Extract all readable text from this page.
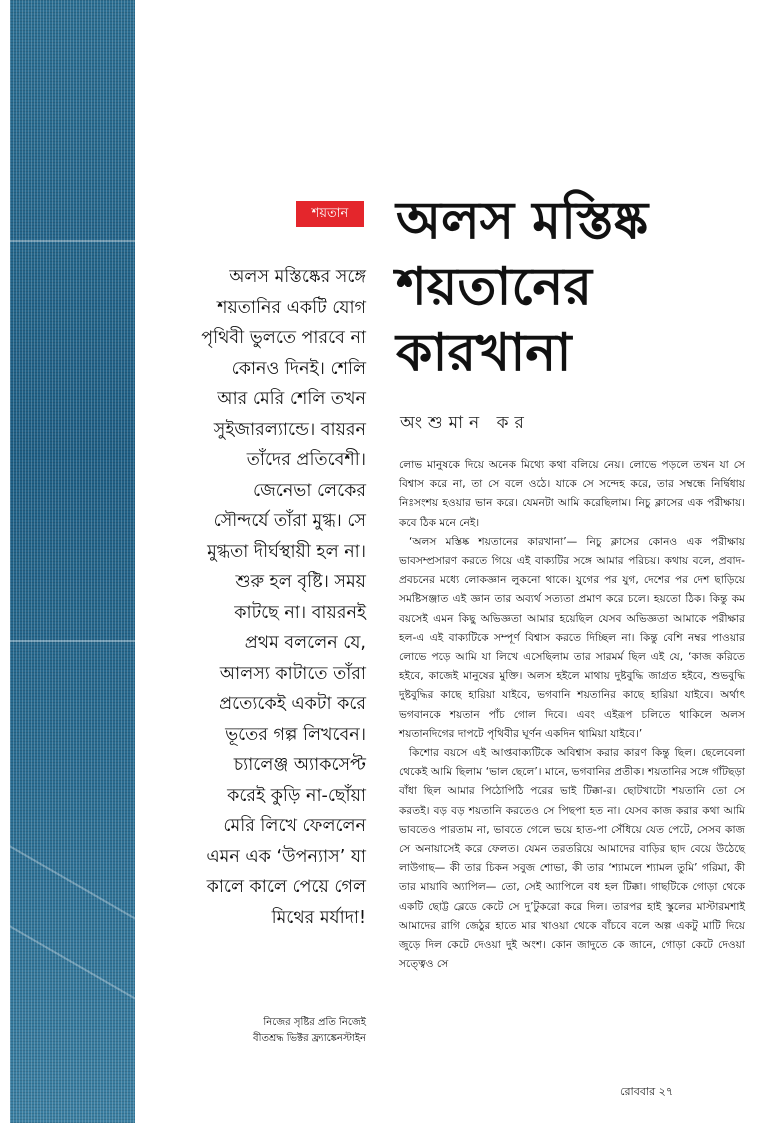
শয়তান অলস মস্তিষ্ক
শয়তানের
কারখানা
অংশুমান কর
অলস মস্তিষ্কের সঙ্গে
শয়তানির একটি যোগ
পৃথিবী ভুলতে পারবে না
কোনও দিনই। শেলি
আর মেরি শেলি তখন
সুইজারল্যান্ডে। বায়রন
তাঁদের প্রতিবেশী।
জেনেভা লেকের
সৌন্দর্যে তাঁরা মুগ্ধ। সে
মুগ্ধতা দীর্ঘস্থায়ী হল না।
শুরু হল বৃষ্টি। সময়
কাটছে না। বায়রনই
প্রথম বললেন যে,
আলস্য কাটাতে তাঁরা
প্রত্যেকেই একটা করে
ভূতের গল্প লিখবেন।
চ্যালেঞ্জ অ্যাকসেপ্ট
করেই কুড়ি না-ছোঁয়া
মেরি লিখে ফেললেন
এমন এক ‘উপন্যাস’ যা
কালে কালে পেয়ে গেল
মিথের মর্যাদা!
নিজের সৃষ্টির প্রতি নিজেই
বীতশ্রদ্ধ ভিক্টর ফ্র্যাঙ্কেনস্টাইন

লোভ মানুষকে দিয়ে অনেক মিথ্যে কথা বলিয়ে নেয়। লোভে পড়লে তখন যা সে বিশ্বাস করে না, তা সে বলে ওঠে। যাকে সে সন্দেহ করে, তার সম্বন্ধে নির্দ্বিধায় নিঃসংশয় হওয়ার ভান করে। যেমনটা আমি করেছিলাম। নিচু ক্লাসের এক পরীক্ষায়। কবে ঠিক মনে নেই।

‘অলস মস্তিষ্ক শয়তানের কারখানা’— নিচু ক্লাসের কোনও এক পরীক্ষায় ভাবসম্প্রসারণ করতে গিয়ে এই বাক্যটির সঙ্গে আমার পরিচয়। কথায় বলে, প্রবাদ-প্রবচনের মধ্যে লোকজ্ঞান লুকনো থাকে। যুগের পর যুগ, দেশের পর দেশ ছাড়িয়ে সমষ্টিসঞ্জাত এই জ্ঞান তার অব্যর্থ সত্যতা প্রমাণ করে চলে। হয়তো ঠিক। কিন্তু কম বয়সেই এমন কিছু অভিজ্ঞতা আমার হয়েছিল যেসব অভিজ্ঞতা আমাকে পরীক্ষার হল-এ এই বাক্যটিকে সম্পূর্ণ বিশ্বাস করতে দিচ্ছিল না। কিন্তু বেশি নম্বর পাওয়ার লোভে পড়ে আমি যা লিখে এসেছিলাম তার সারমর্ম ছিল এই যে, ‘কাজ করিতে হইবে, কাজেই মানুষের মুক্তি। অলস হইলে মাথায় দুষ্টবুদ্ধি জাগ্রত হইবে, শুভবুদ্ধি দুষ্টবুদ্ধির কাছে হারিয়া যাইবে, ভগবানি শয়তানির কাছে হারিয়া যাইবে। অর্থাৎ ভগবানকে শয়তান পাঁচ গোল দিবে। এবং এইরূপ চলিতে থাকিলে অলস শয়তানদিগের দাপটে পৃথিবীর ঘূর্ণন একদিন থামিয়া যাইবে।’

কিশোর বয়সে এই আপ্তবাক্যটিকে অবিশ্বাস করার কারণ কিন্তু ছিল। ছেলেবেলা থেকেই আমি ছিলাম ‘ভাল ছেলে’। মানে, ভগবানির প্রতীক। শয়তানির সঙ্গে গাঁটছড়া বাঁধা ছিল আমার পিঠোপিঠি পরের ভাই টিক্কা-র। ছোটখাটো শয়তানি তো সে করতই। বড় বড় শয়তানি করতেও সে পিছপা হত না। যেসব কাজ করার কথা আমি ভাবতেও পারতাম না, ভাবতে গেলে ভয়ে হাত-পা সেঁধিয়ে যেত পেটে, সেসব কাজ সে অনায়াসেই করে ফেলত। যেমন তরতরিয়ে আমাদের বাড়ির ছাদ বেয়ে উঠেছে লাউগাছ— কী তার চিকন সবুজ শোভা, কী তার ‘শ্যামলে শ্যামল তুমি’ গরিমা, কী তার মায়াবি অ্যাপিল— তো, সেই অ্যাপিলে বধ হল টিক্কা। গাছটিকে গোড়া থেকে একটি ছোট্ট ব্লেডে কেটে সে দু’টুকরো করে দিল। তারপর হাই স্কুলের মাস্টারমশাই আমাদের রাগি জেঠুর হাতে মার খাওয়া থেকে বাঁচবে বলে অল্প একটু মাটি দিয়ে জুড়ে দিল কেটে দেওয়া দুই অংশ। কোন জাদুতে কে জানে, গোড়া কেটে দেওয়া সত্ত্বেও সে

রোববার ২৭
